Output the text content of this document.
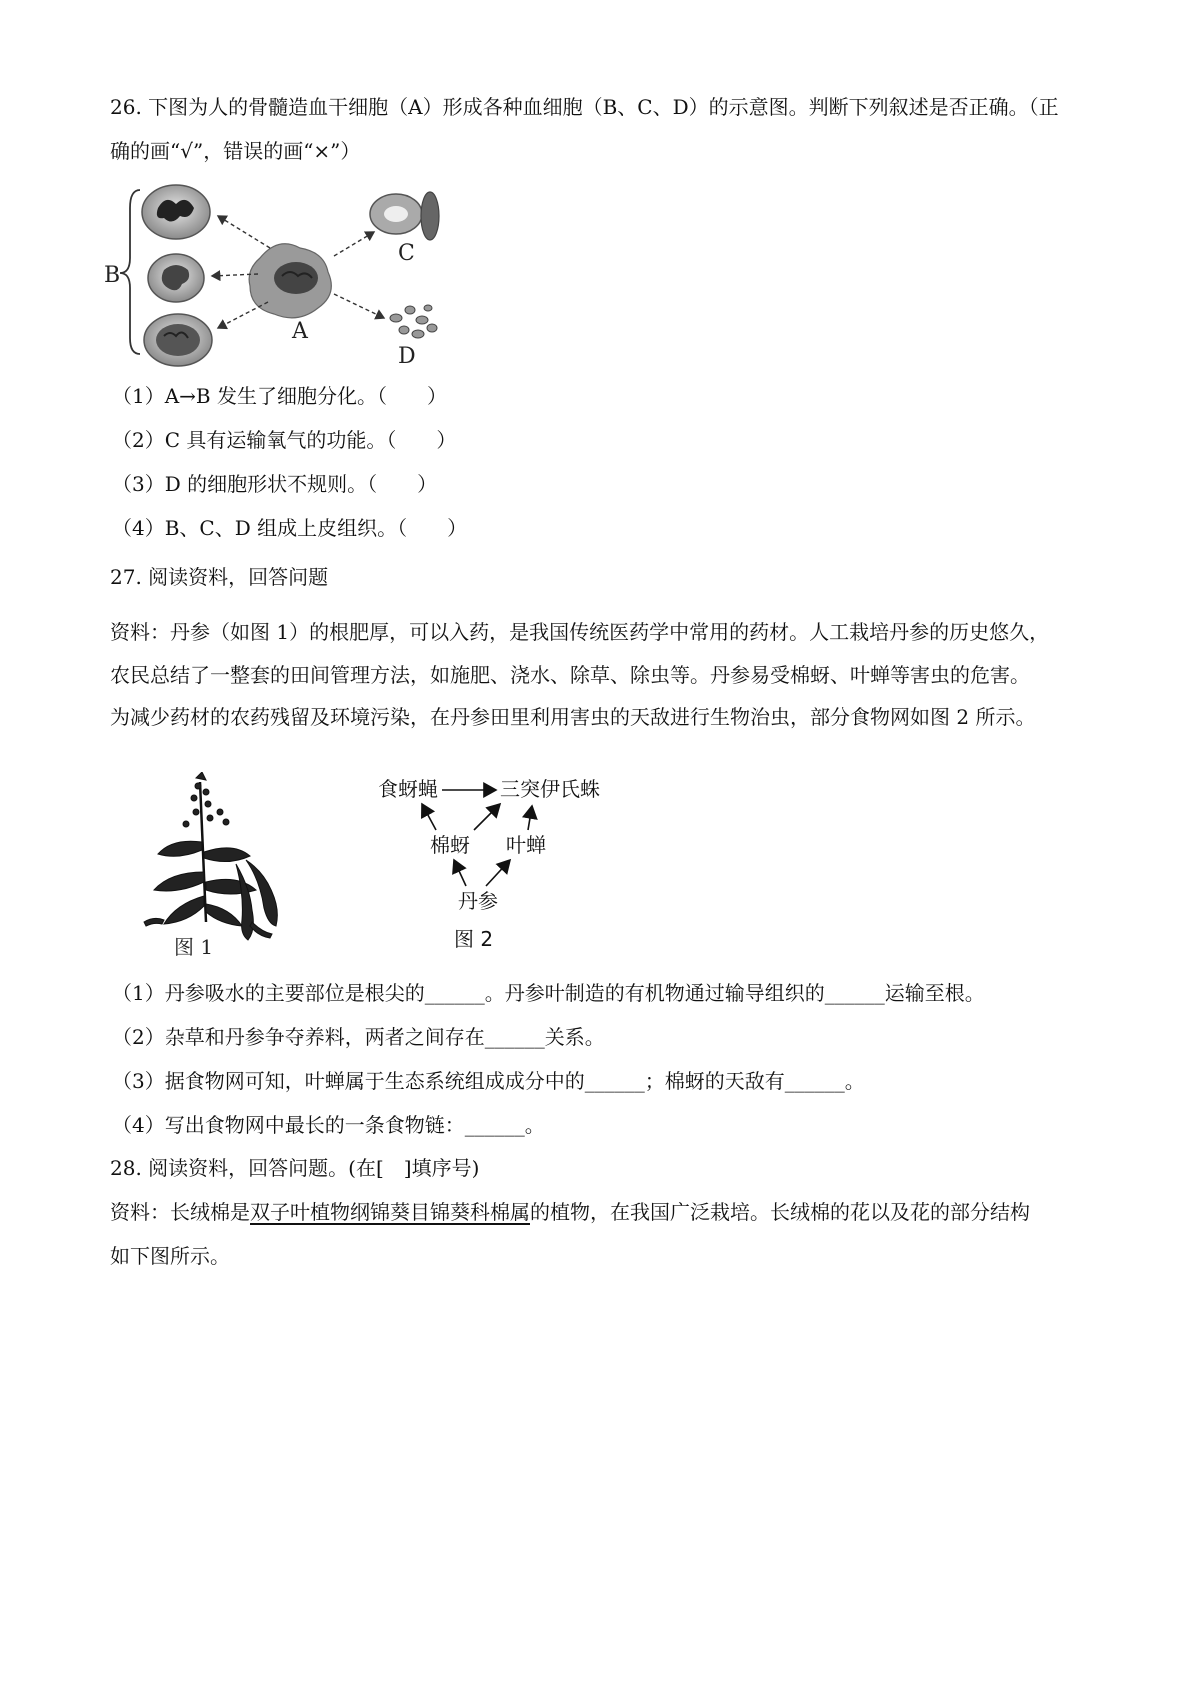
26. 下图为人的骨髓造血干细胞（A）形成各种血细胞（B、C、D）的示意图。判断下列叙述是否正确。（正
确的画“√”，错误的画“×”）
B
A
C
D
（1）A→B 发生了细胞分化。（　　）
（2）C 具有运输氧气的功能。（　　）
（3）D 的细胞形状不规则。（　　）
（4）B、C、D 组成上皮组织。（　　）
27. 阅读资料，回答问题
资料：丹参（如图 1）的根肥厚，可以入药，是我国传统医药学中常用的药材。人工栽培丹参的历史悠久，
农民总结了一整套的田间管理方法，如施肥、浇水、除草、除虫等。丹参易受棉蚜、叶蝉等害虫的危害。
为减少药材的农药残留及环境污染，在丹参田里利用害虫的天敌进行生物治虫，部分食物网如图 2 所示。
图 1
食蚜蝇	三突伊氏蛛
棉蚜 叶蝉
丹参
图 2
（1）丹参吸水的主要部位是根尖的______。丹参叶制造的有机物通过输导组织的______运输至根。
（2）杂草和丹参争夺养料，两者之间存在______关系。
（3）据食物网可知，叶蝉属于生态系统组成成分中的______；棉蚜的天敌有______。
（4）写出食物网中最长的一条食物链：______。
28. 阅读资料，回答问题。(在[　]填序号)
资料：长绒棉是双子叶植物纲锦葵目锦葵科棉属的植物，在我国广泛栽培。长绒棉的花以及花的部分结构
如下图所示。
